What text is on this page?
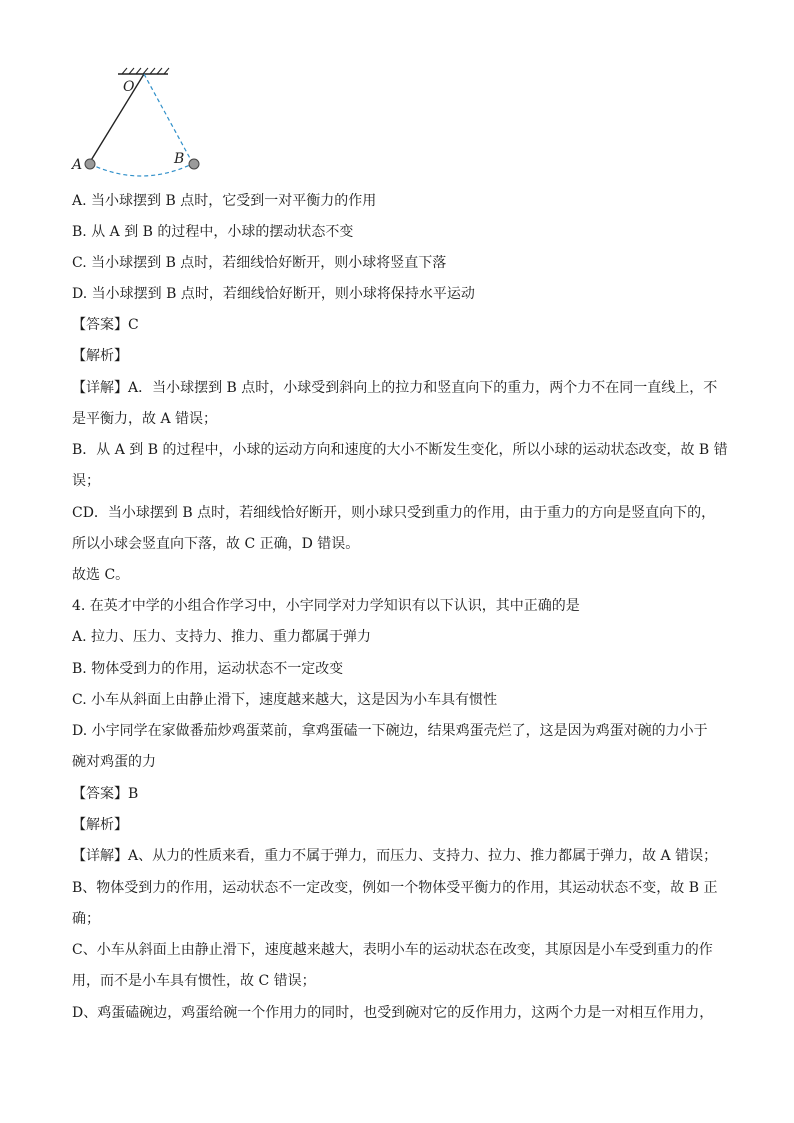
O
A	B
A. 当小球摆到 B 点时，它受到一对平衡力的作用
B. 从 A 到 B 的过程中，小球的摆动状态不变
C. 当小球摆到 B 点时，若细线恰好断开，则小球将竖直下落
D. 当小球摆到 B 点时，若细线恰好断开，则小球将保持水平运动
【答案】C
【解析】
【详解】A．当小球摆到 B 点时，小球受到斜向上的拉力和竖直向下的重力，两个力不在同一直线上，不
是平衡力，故 A 错误；
B．从 A 到 B 的过程中，小球的运动方向和速度的大小不断发生变化，所以小球的运动状态改变，故 B 错
误；
CD．当小球摆到 B 点时，若细线恰好断开，则小球只受到重力的作用，由于重力的方向是竖直向下的，
所以小球会竖直向下落，故 C 正确，D 错误。
故选 C。
4. 在英才中学的小组合作学习中，小宇同学对力学知识有以下认识，其中正确的是
A. 拉力、压力、支持力、推力、重力都属于弹力
B. 物体受到力的作用，运动状态不一定改变
C. 小车从斜面上由静止滑下，速度越来越大，这是因为小车具有惯性
D. 小宇同学在家做番茄炒鸡蛋菜前，拿鸡蛋磕一下碗边，结果鸡蛋壳烂了，这是因为鸡蛋对碗的力小于
碗对鸡蛋的力
【答案】B
【解析】
【详解】A、从力的性质来看，重力不属于弹力，而压力、支持力、拉力、推力都属于弹力，故 A 错误；
B、物体受到力的作用，运动状态不一定改变，例如一个物体受平衡力的作用，其运动状态不变，故 B 正
确；
C、小车从斜面上由静止滑下，速度越来越大，表明小车的运动状态在改变，其原因是小车受到重力的作
用，而不是小车具有惯性，故 C 错误；
D、鸡蛋磕碗边，鸡蛋给碗一个作用力的同时，也受到碗对它的反作用力，这两个力是一对相互作用力，
